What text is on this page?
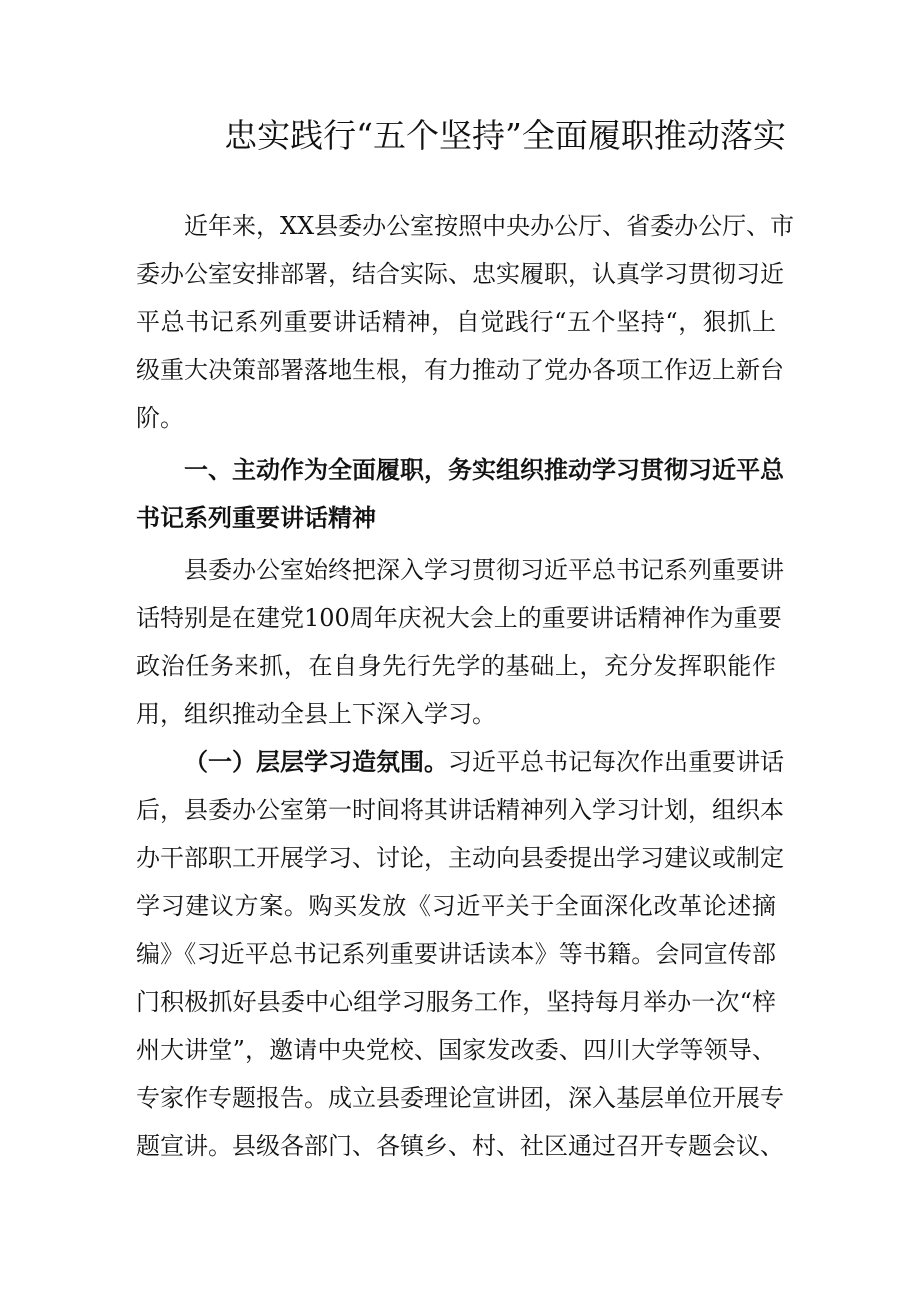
忠实践行“五个坚持”全面履职推动落实
近年来，XX县委办公室按照中央办公厅、省委办公厅、市
委办公室安排部署，结合实际、忠实履职，认真学习贯彻习近
平总书记系列重要讲话精神，自觉践行“五个坚持“，狠抓上
级重大决策部署落地生根，有力推动了党办各项工作迈上新台
阶。
一、主动作为全面履职，务实组织推动学习贯彻习近平总
书记系列重要讲话精神
县委办公室始终把深入学习贯彻习近平总书记系列重要讲
话特别是在建党100周年庆祝大会上的重要讲话精神作为重要
政治任务来抓，在自身先行先学的基础上，充分发挥职能作
用，组织推动全县上下深入学习。
（一）层层学习造氛围。习近平总书记每次作出重要讲话
后，县委办公室第一时间将其讲话精神列入学习计划，组织本
办干部职工开展学习、讨论，主动向县委提出学习建议或制定
学习建议方案。购买发放《习近平关于全面深化改革论述摘
编》《习近平总书记系列重要讲话读本》等书籍。会同宣传部
门积极抓好县委中心组学习服务工作，坚持每月举办一次“梓
州大讲堂”，邀请中央党校、国家发改委、四川大学等领导、
专家作专题报告。成立县委理论宣讲团，深入基层单位开展专
题宣讲。县级各部门、各镇乡、村、社区通过召开专题会议、
